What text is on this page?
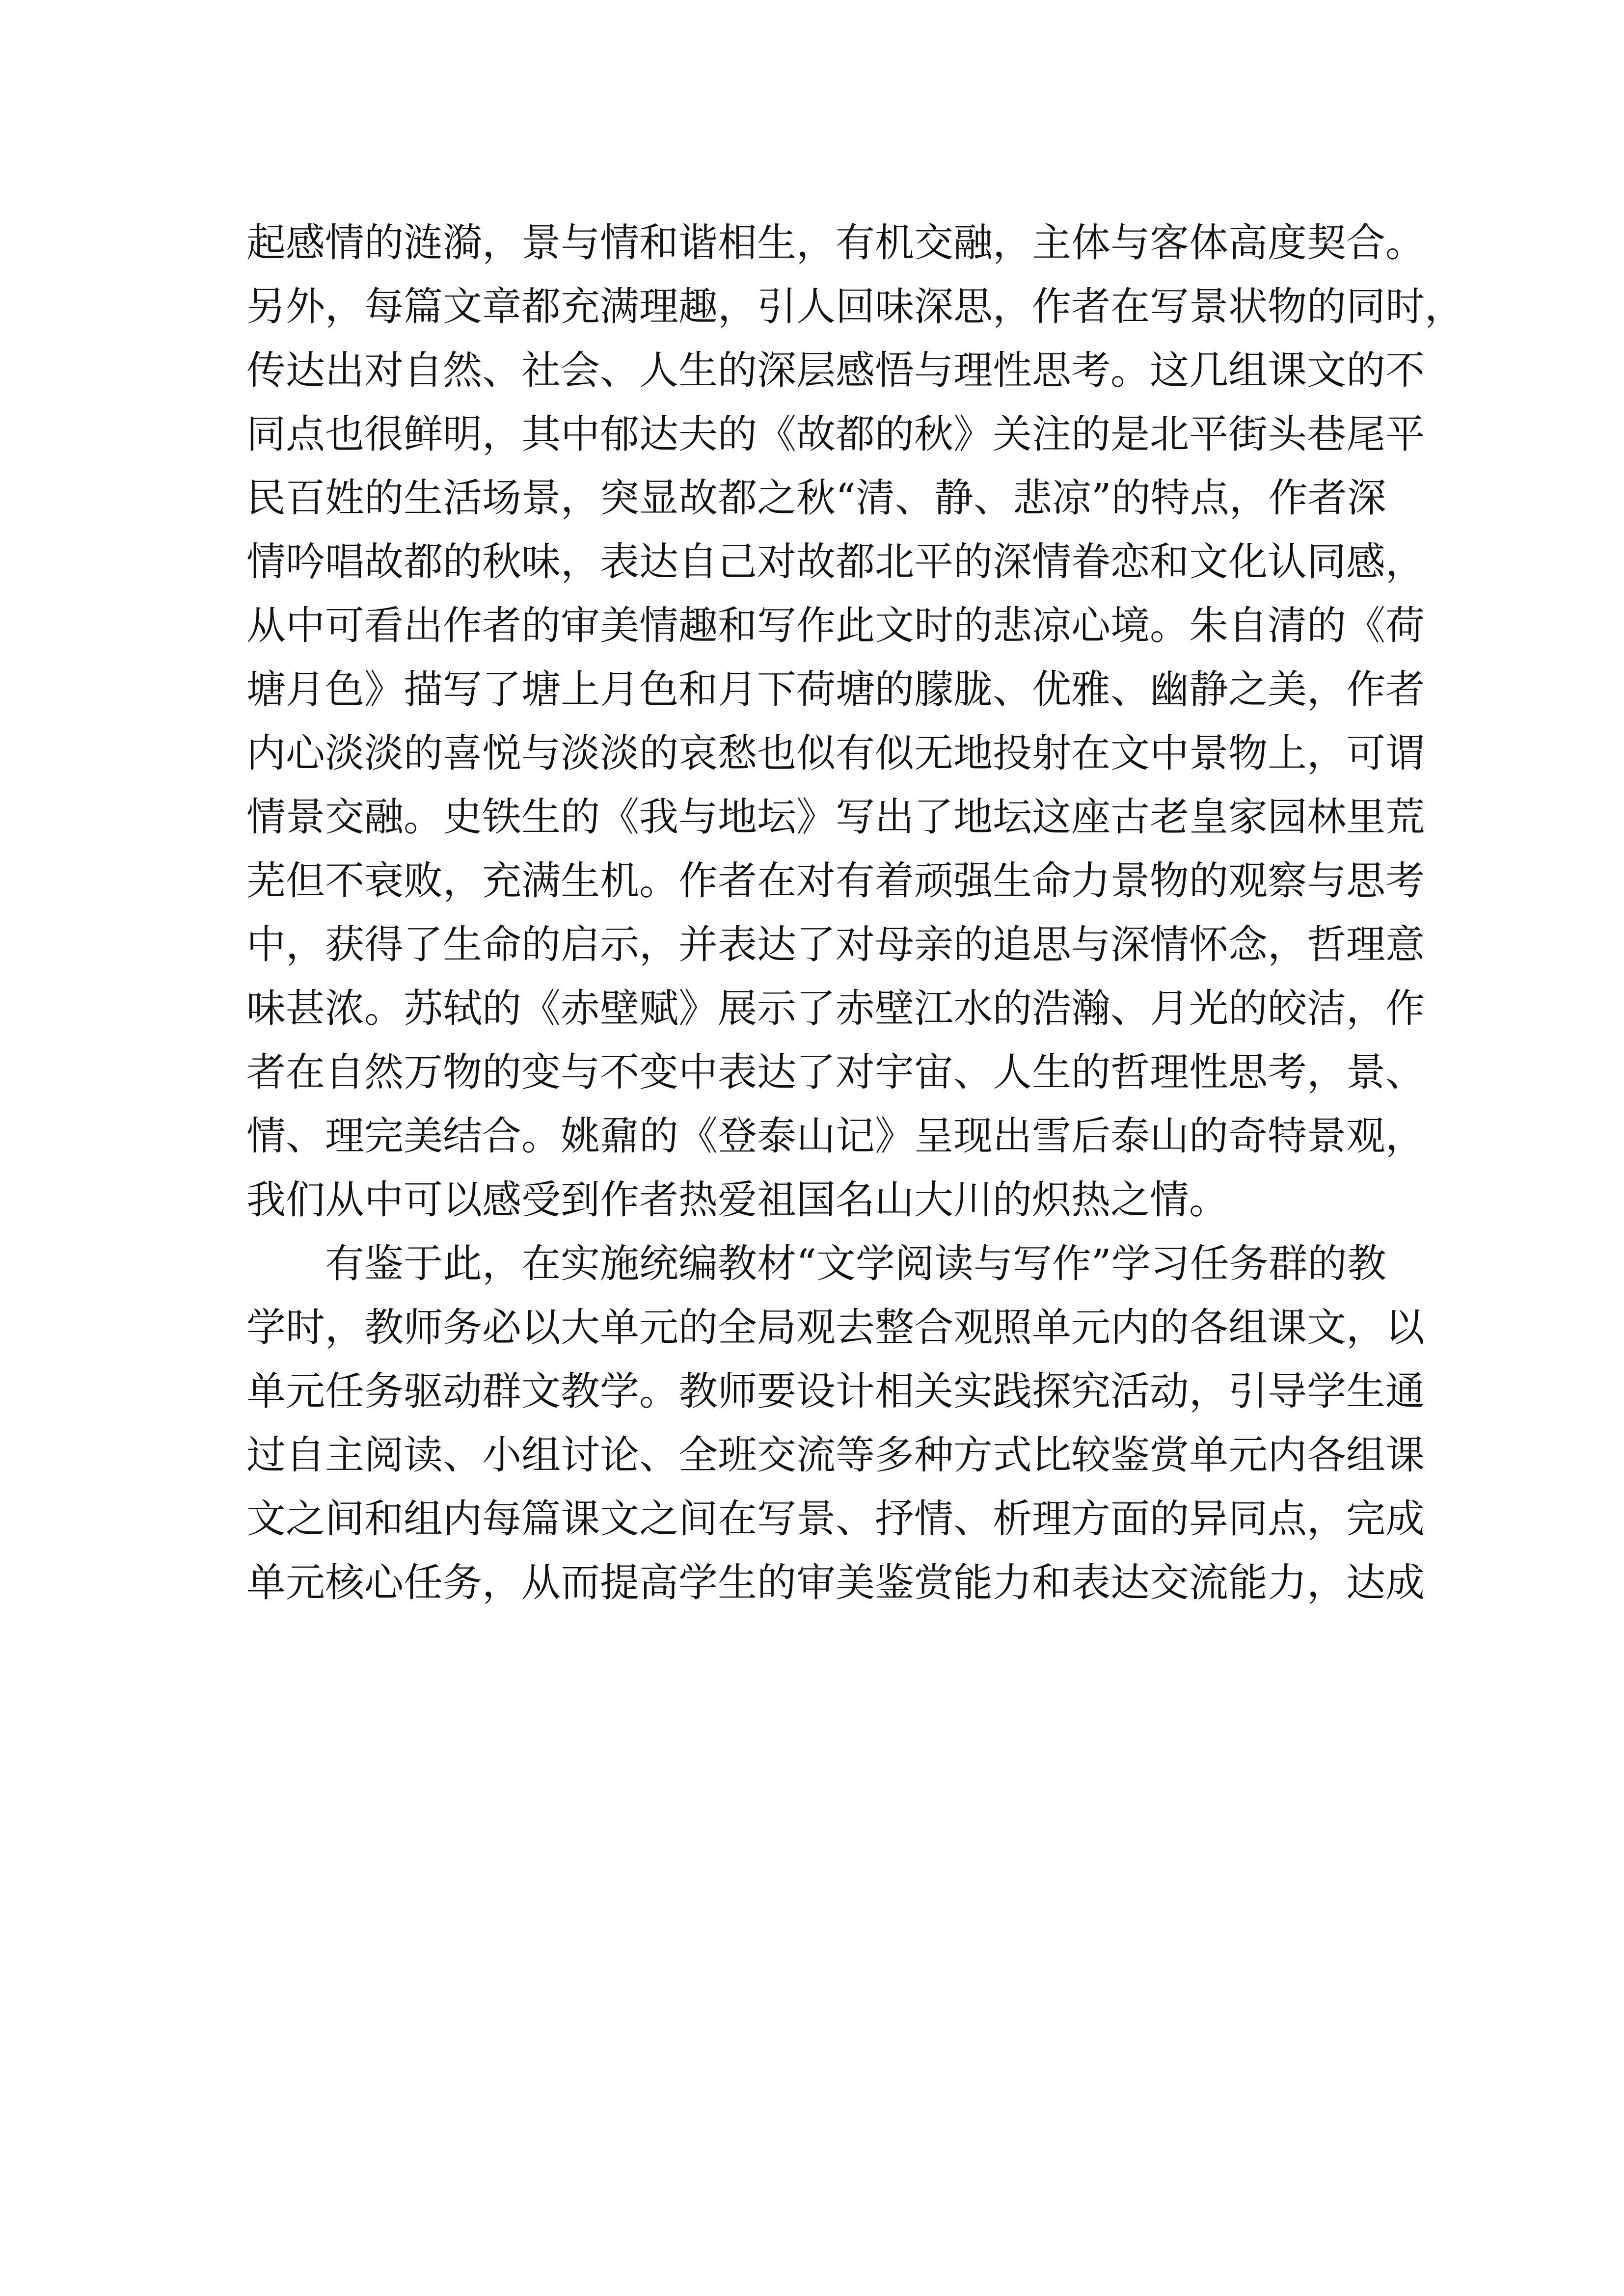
起感情的涟漪，景与情和谐相生，有机交融，主体与客体高度契合。
另外，每篇文章都充满理趣，引人回味深思，作者在写景状物的同时，
传达出对自然、社会、人生的深层感悟与理性思考。这几组课文的不
同点也很鲜明，其中郁达夫的《故都的秋》关注的是北平街头巷尾平
民百姓的生活场景，突显故都之秋“清、静、悲凉”的特点，作者深
情吟唱故都的秋味，表达自己对故都北平的深情眷恋和文化认同感，
从中可看出作者的审美情趣和写作此文时的悲凉心境。朱自清的《荷
塘月色》描写了塘上月色和月下荷塘的朦胧、优雅、幽静之美，作者
内心淡淡的喜悦与淡淡的哀愁也似有似无地投射在文中景物上，可谓
情景交融。史铁生的《我与地坛》写出了地坛这座古老皇家园林里荒
芜但不衰败，充满生机。作者在对有着顽强生命力景物的观察与思考
中，获得了生命的启示，并表达了对母亲的追思与深情怀念，哲理意
味甚浓。苏轼的《赤壁赋》展示了赤壁江水的浩瀚、月光的皎洁，作
者在自然万物的变与不变中表达了对宇宙、人生的哲理性思考，景、
情、理完美结合。姚鼐的《登泰山记》呈现出雪后泰山的奇特景观，
我们从中可以感受到作者热爱祖国名山大川的炽热之情。
有鉴于此，在实施统编教材“文学阅读与写作”学习任务群的教
学时，教师务必以大单元的全局观去整合观照单元内的各组课文，以
单元任务驱动群文教学。教师要设计相关实践探究活动，引导学生通
过自主阅读、小组讨论、全班交流等多种方式比较鉴赏单元内各组课
文之间和组内每篇课文之间在写景、抒情、析理方面的异同点，完成
单元核心任务，从而提高学生的审美鉴赏能力和表达交流能力，达成
